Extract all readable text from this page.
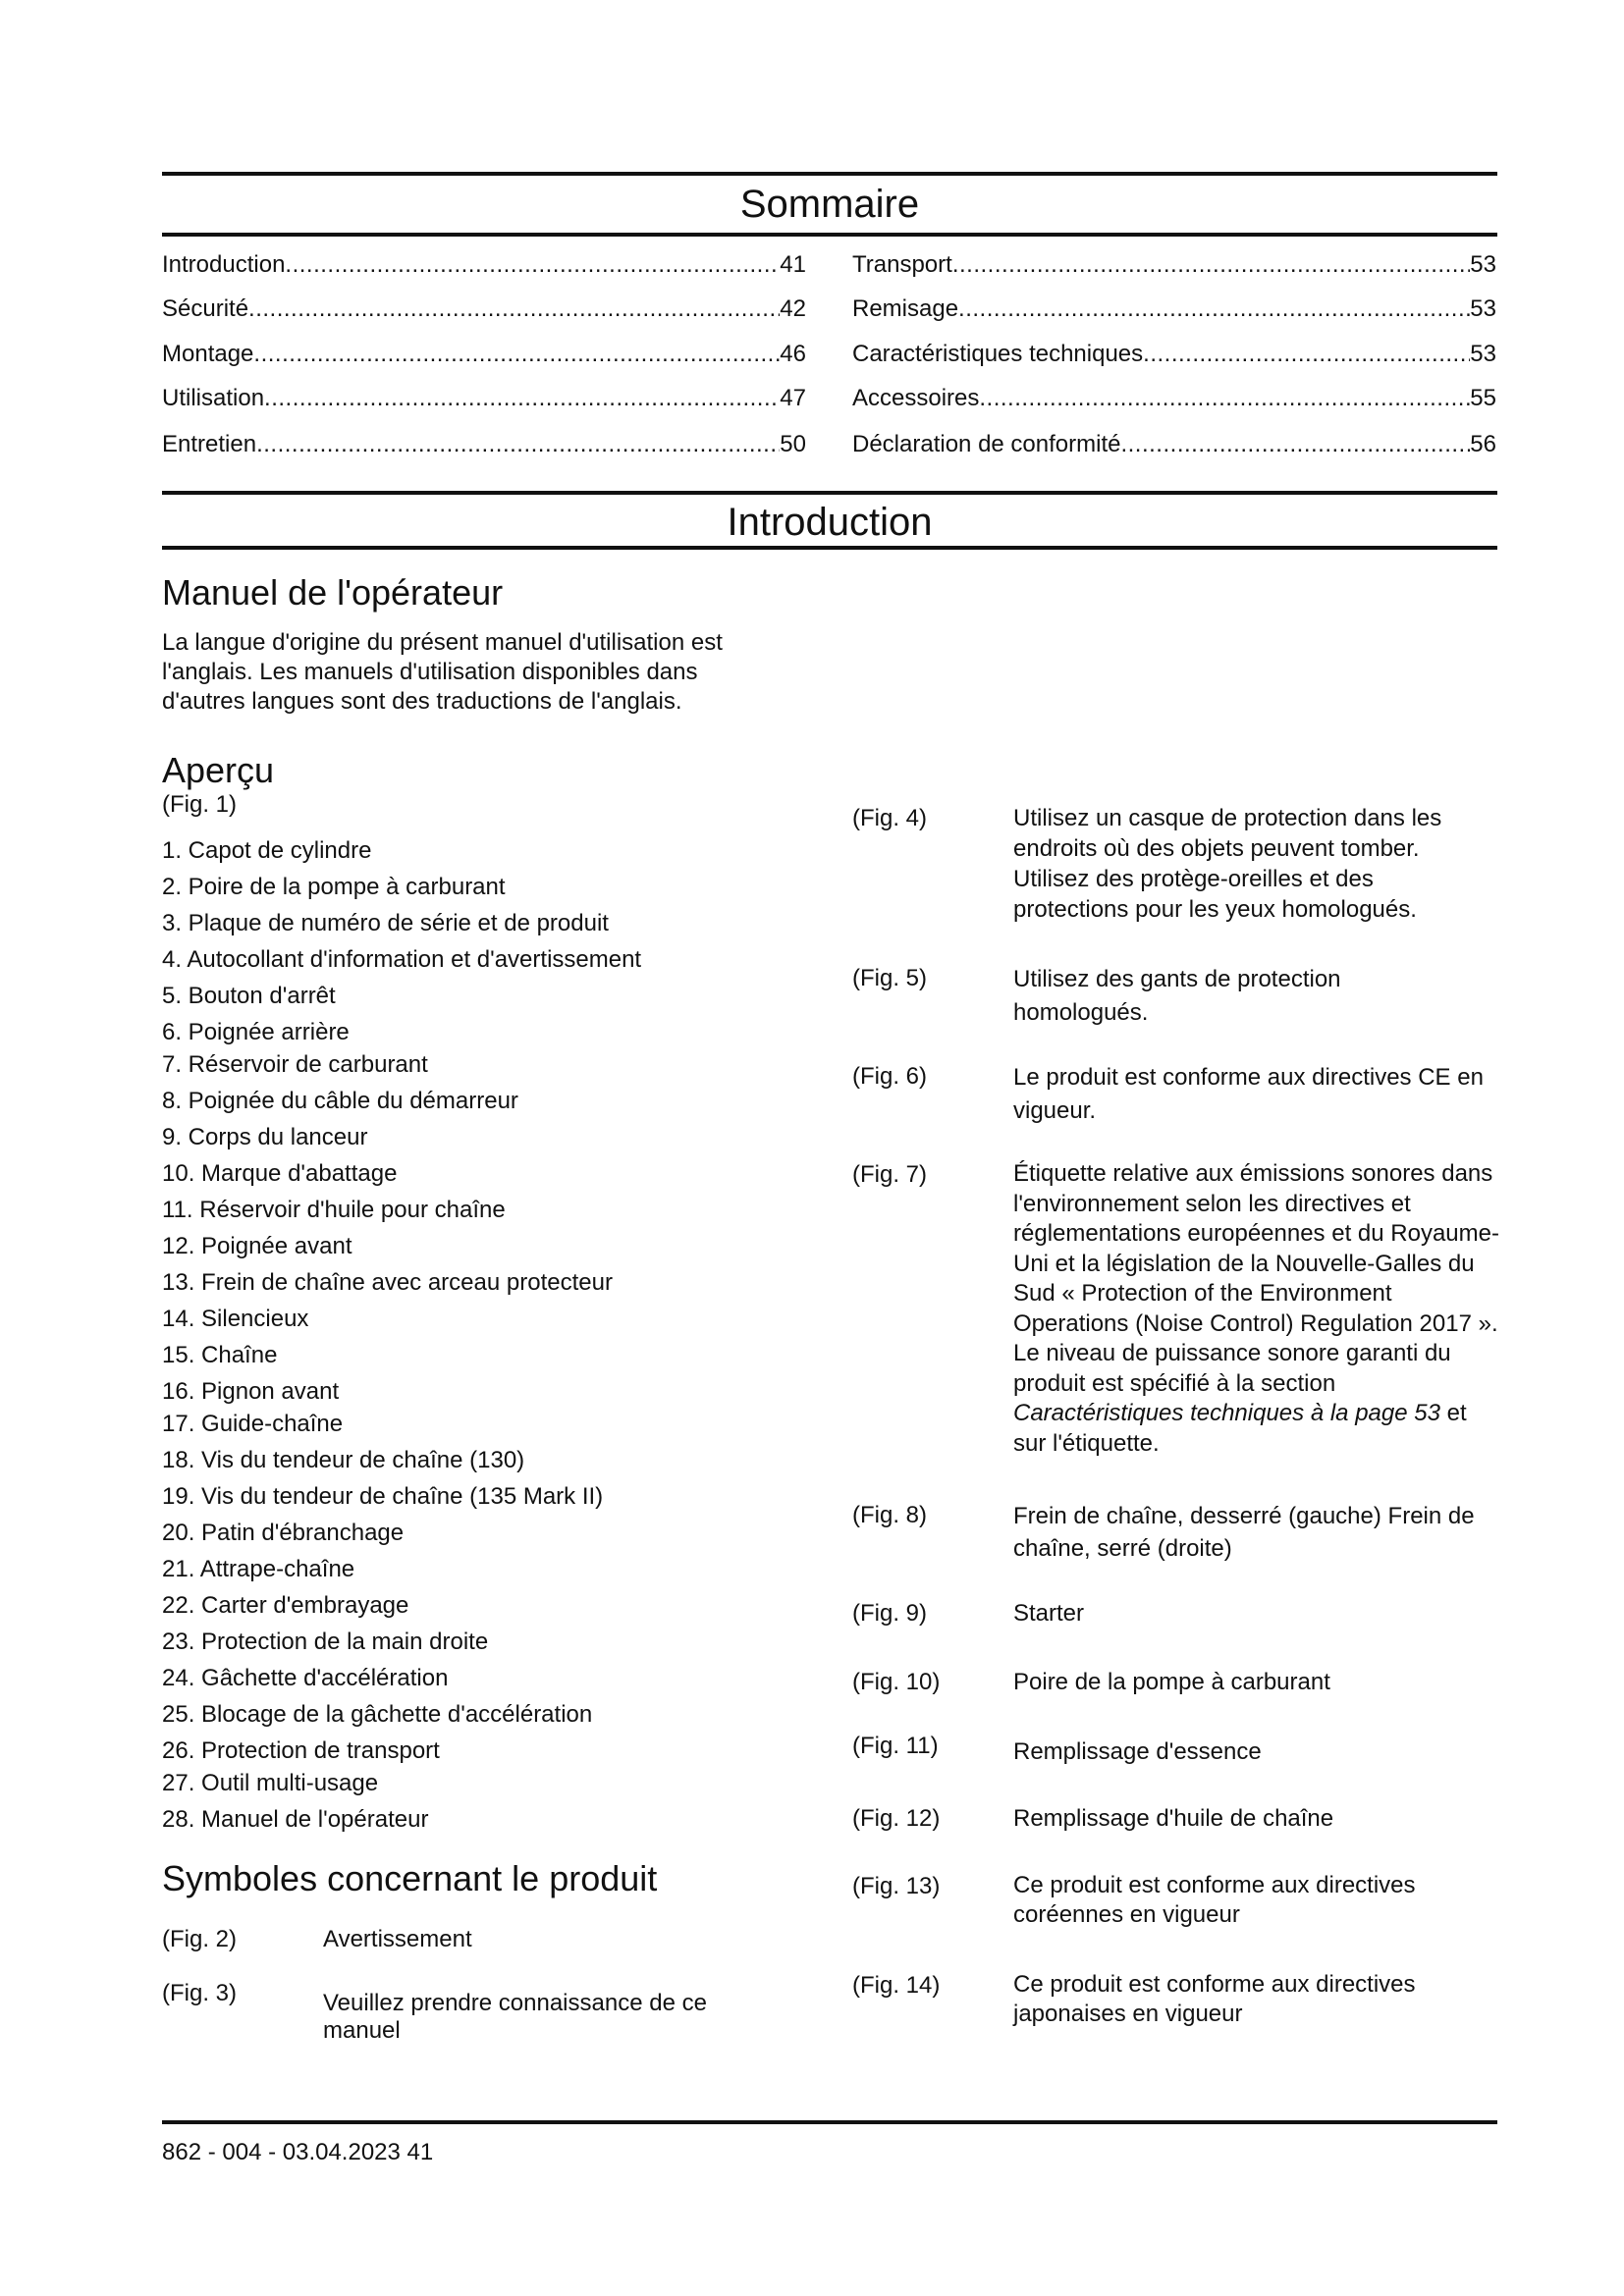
Sommaire
Introduction .....	41
Sécurité .....	42
Montage .....	46
Utilisation .....	47
Entretien .....	50
Transport .....	53
Remisage .....	53
Caractéristiques techniques .....	53
Accessoires .....	55
Déclaration de conformité .....	56
Introduction
Manuel de l'opérateur
La langue d'origine du présent manuel d'utilisation est
l'anglais. Les manuels d'utilisation disponibles dans
d'autres langues sont des traductions de l'anglais.
Aperçu
(Fig. 1)
1. Capot de cylindre
2. Poire de la pompe à carburant
3. Plaque de numéro de série et de produit
4. Autocollant d'information et d'avertissement
5. Bouton d'arrêt
6. Poignée arrière
7. Réservoir de carburant
8. Poignée du câble du démarreur
9. Corps du lanceur
10. Marque d'abattage
11. Réservoir d'huile pour chaîne
12. Poignée avant
13. Frein de chaîne avec arceau protecteur
14. Silencieux
15. Chaîne
16. Pignon avant
17. Guide-chaîne
18. Vis du tendeur de chaîne (130)
19. Vis du tendeur de chaîne (135 Mark II)
20. Patin d'ébranchage
21. Attrape-chaîne
22. Carter d'embrayage
23. Protection de la main droite
24. Gâchette d'accélération
25. Blocage de la gâchette d'accélération
26. Protection de transport
27. Outil multi-usage
28. Manuel de l'opérateur
Symboles concernant le produit
(Fig. 2)	Avertissement
(Fig. 3)	Veuillez prendre connaissance de ce manuel
(Fig. 4)	Utilisez un casque de protection dans les endroits où des objets peuvent tomber. Utilisez des protège-oreilles et des protections pour les yeux homologués.
(Fig. 5)	Utilisez des gants de protection homologués.
(Fig. 6)	Le produit est conforme aux directives CE en vigueur.
(Fig. 7)	Étiquette relative aux émissions sonores dans l'environnement selon les directives et réglementations européennes et du Royaume-Uni et la législation de la Nouvelle-Galles du Sud « Protection of the Environment Operations (Noise Control) Regulation 2017 ». Le niveau de puissance sonore garanti du produit est spécifié à la section Caractéristiques techniques à la page 53 et sur l'étiquette.
(Fig. 8)	Frein de chaîne, desserré (gauche) Frein de chaîne, serré (droite)
(Fig. 9)	Starter
(Fig. 10)	Poire de la pompe à carburant
(Fig. 11)	Remplissage d'essence
(Fig. 12)	Remplissage d'huile de chaîne
(Fig. 13)	Ce produit est conforme aux directives coréennes en vigueur
(Fig. 14)	Ce produit est conforme aux directives japonaises en vigueur
862 - 004 - 03.04.2023 41
